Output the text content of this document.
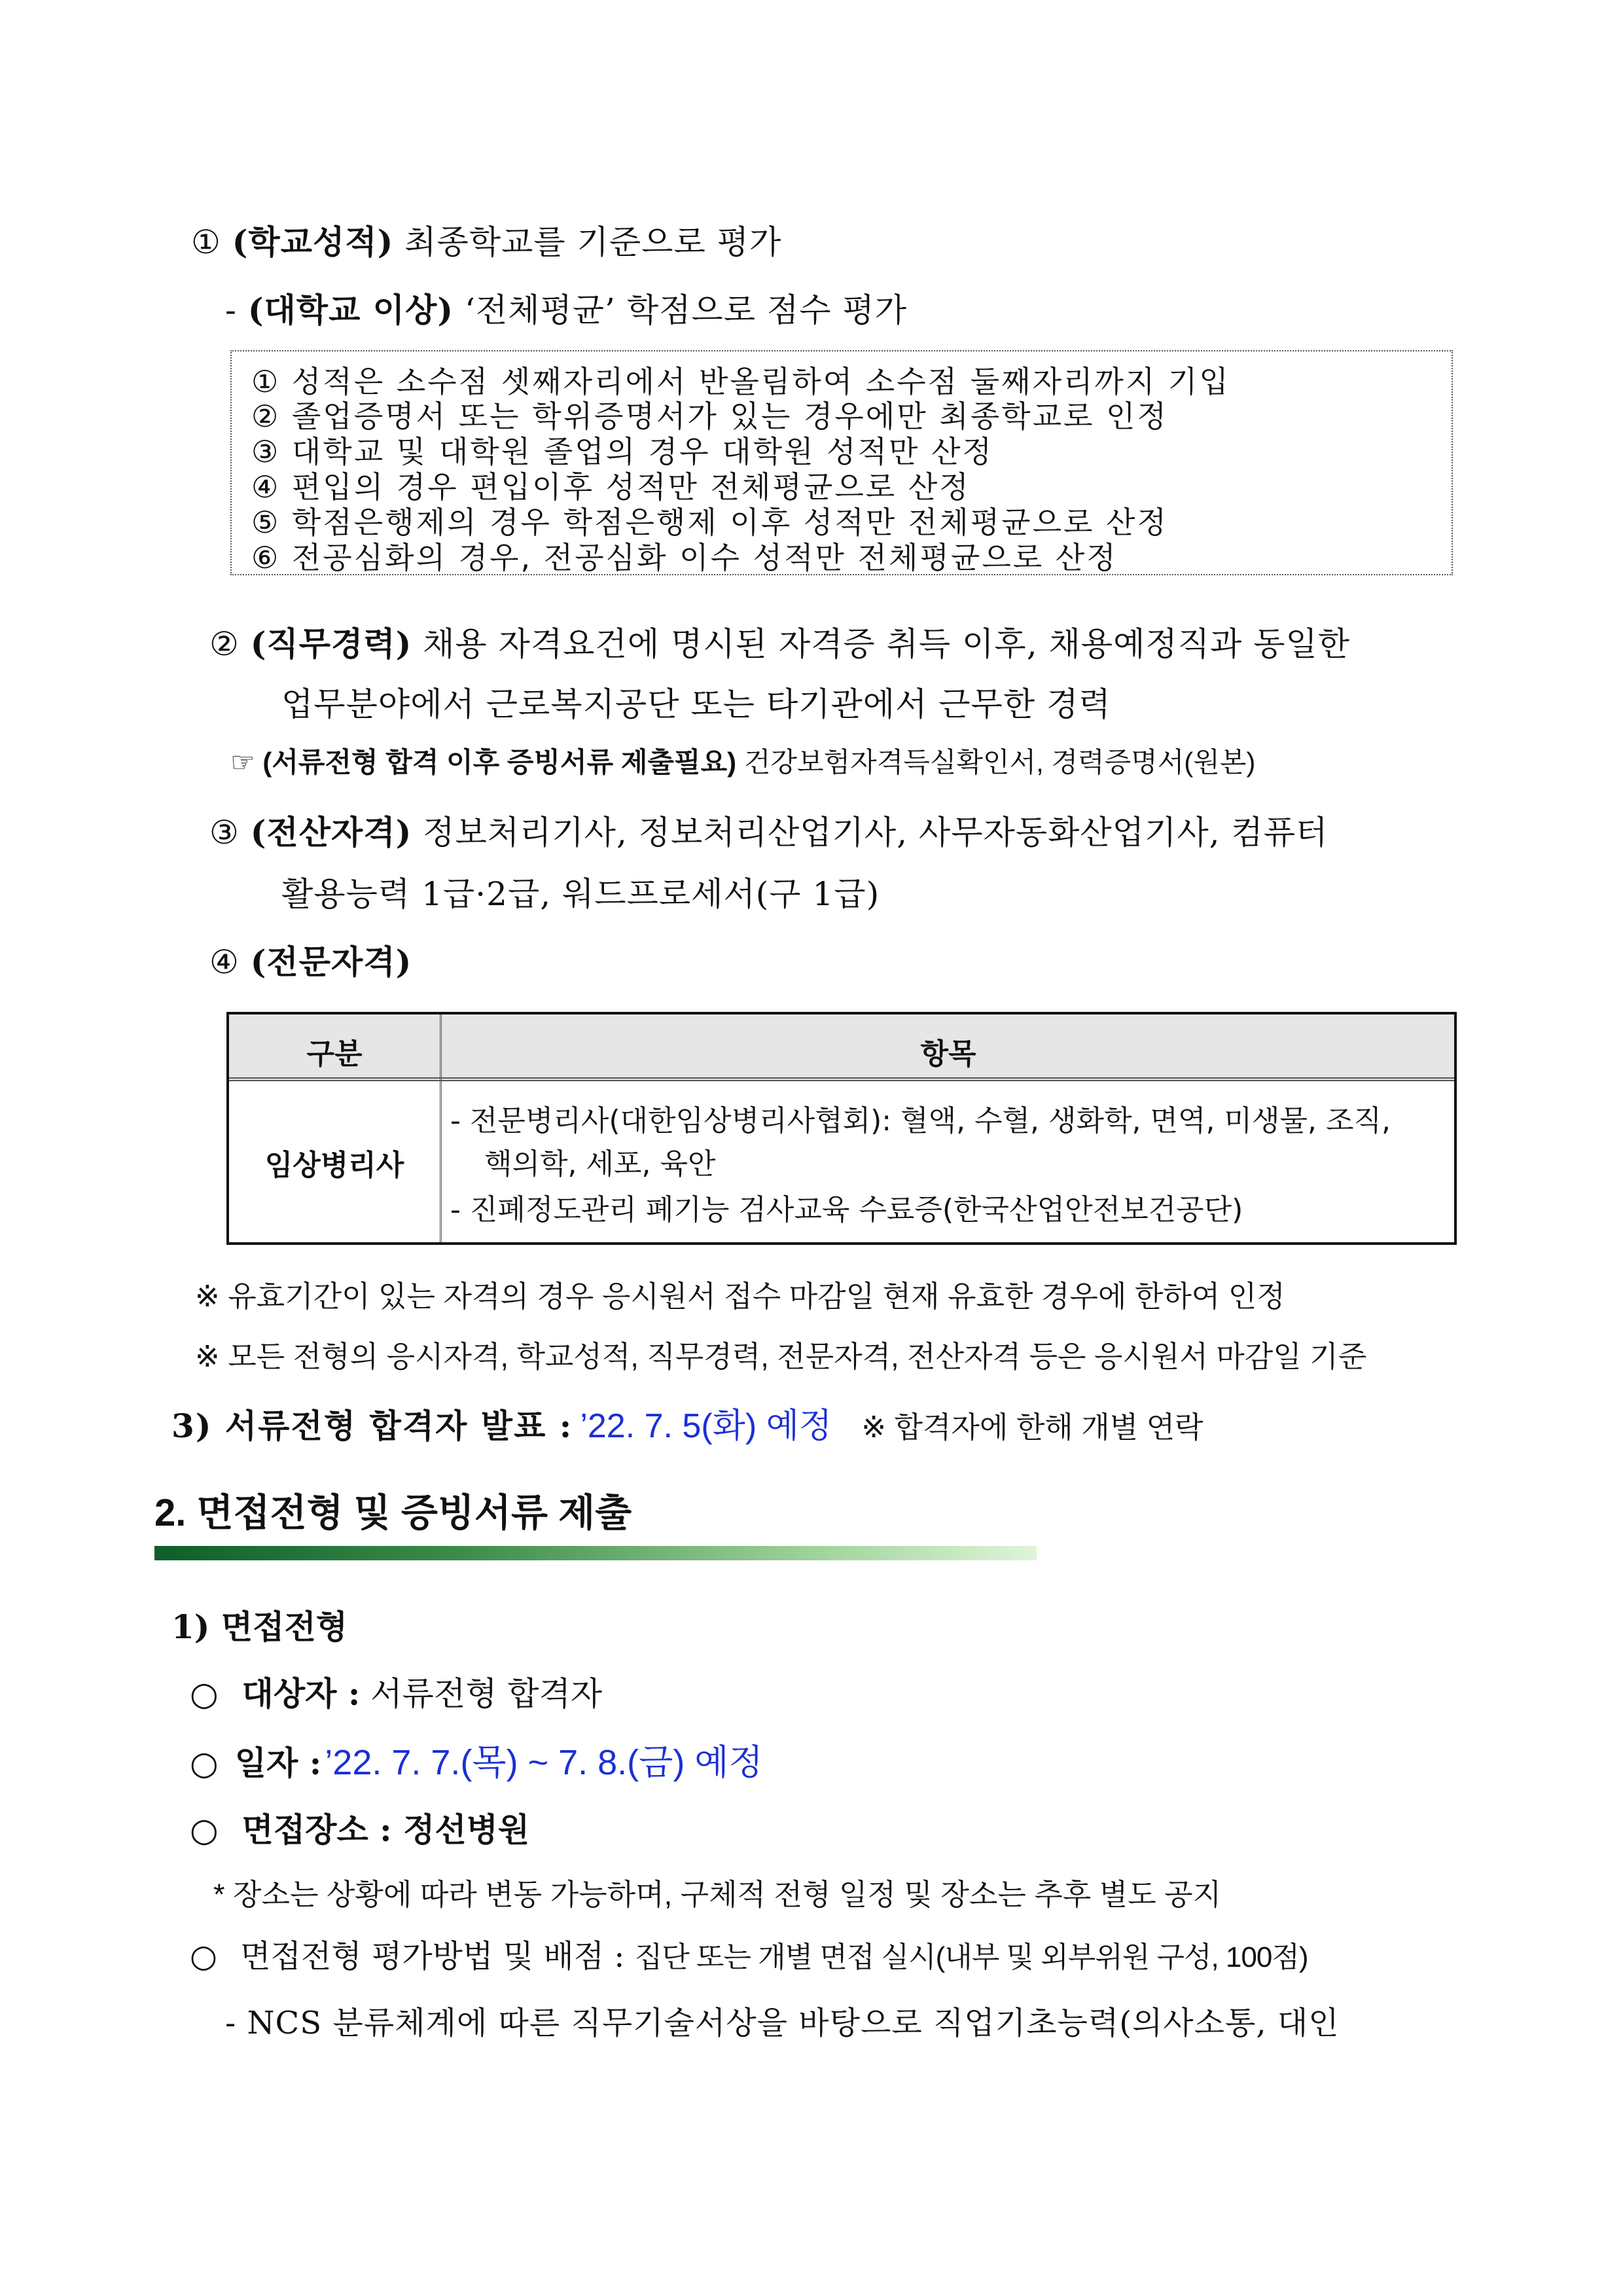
① (학교성적) 최종학교를 기준으로 평가
- (대학교 이상) ‘전체평균’ 학점으로 점수 평가
① 성적은 소수점 셋째자리에서 반올림하여 소수점 둘째자리까지 기입
② 졸업증명서 또는 학위증명서가 있는 경우에만 최종학교로 인정
③ 대학교 및 대학원 졸업의 경우 대학원 성적만 산정
④ 편입의 경우 편입이후 성적만 전체평균으로 산정
⑤ 학점은행제의 경우 학점은행제 이후 성적만 전체평균으로 산정
⑥ 전공심화의 경우, 전공심화 이수 성적만 전체평균으로 산정
② (직무경력) 채용 자격요건에 명시된 자격증 취득 이후, 채용예정직과 동일한
업무분야에서 근로복지공단 또는 타기관에서 근무한 경력
☞ (서류전형 합격 이후 증빙서류 제출필요) 건강보험자격득실확인서, 경력증명서(원본)
③ (전산자격) 정보처리기사, 정보처리산업기사, 사무자동화산업기사, 컴퓨터
활용능력 1급·2급, 워드프로세서(구 1급)
④ (전문자격)
구분	항목
임상병리사
- 전문병리사(대한임상병리사협회): 혈액, 수혈, 생화학, 면역, 미생물, 조직,
핵의학, 세포, 육안
- 진폐정도관리 폐기능 검사교육 수료증(한국산업안전보건공단)
※ 유효기간이 있는 자격의 경우 응시원서 접수 마감일 현재 유효한 경우에 한하여 인정
※ 모든 전형의 응시자격, 학교성적, 직무경력, 전문자격, 전산자격 등은 응시원서 마감일 기준
3) 서류전형 합격자 발표 : ’22. 7. 5(화) 예정 ※ 합격자에 한해 개별 연락
2. 면접전형 및 증빙서류 제출
1) 면접전형
○ 대상자 : 서류전형 합격자
○ 일자 : ’22. 7. 7.(목) ~ 7. 8.(금) 예정
○ 면접장소 : 정선병원
* 장소는 상황에 따라 변동 가능하며, 구체적 전형 일정 및 장소는 추후 별도 공지
○ 면접전형 평가방법 및 배점 : 집단 또는 개별 면접 실시(내부 및 외부위원 구성, 100점)
- NCS 분류체계에 따른 직무기술서상을 바탕으로 직업기초능력(의사소통, 대인
